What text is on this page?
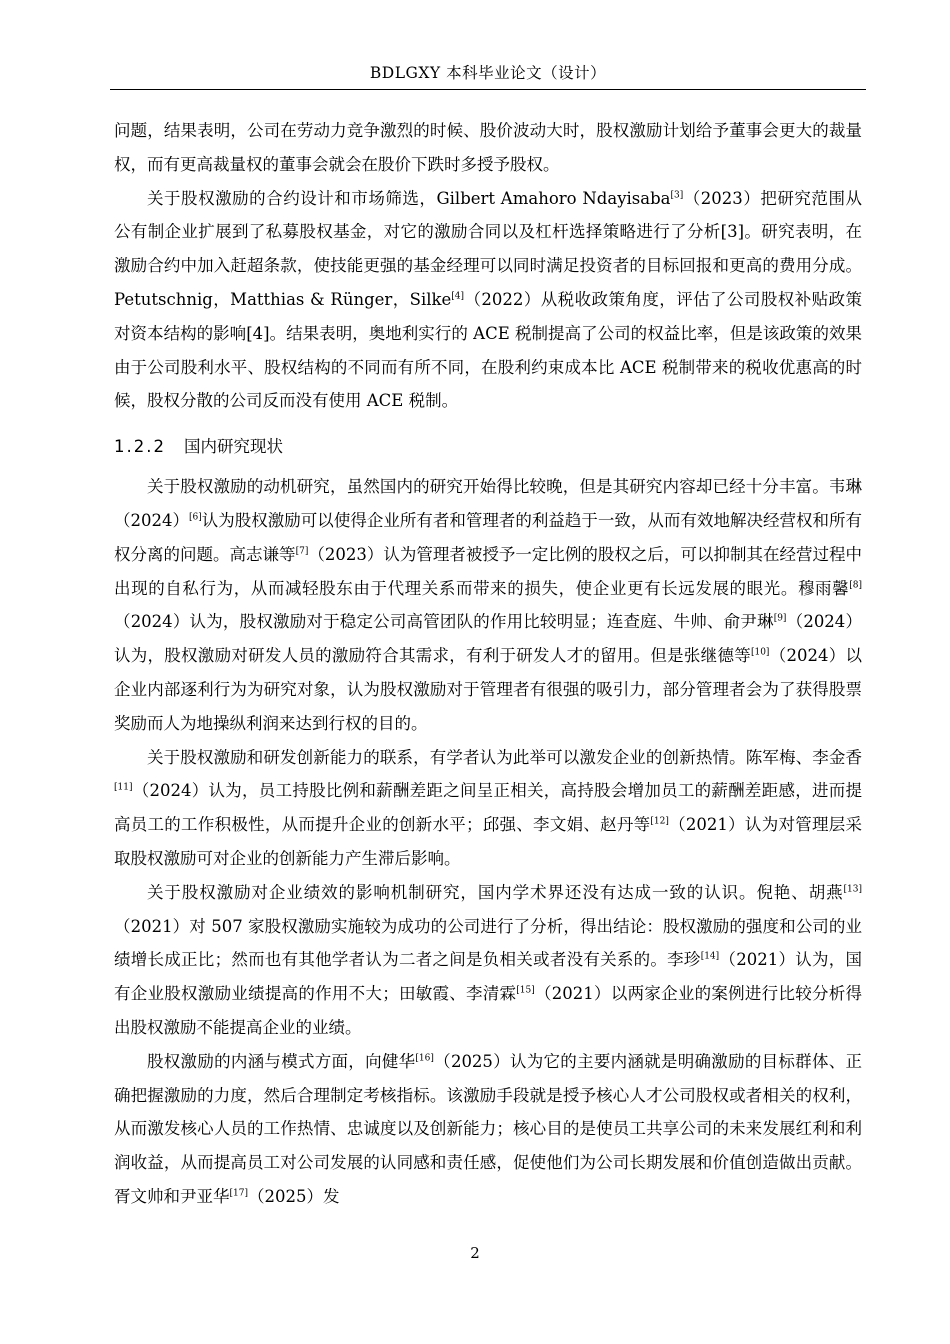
BDLGXY 本科毕业论文（设计）

问题，结果表明，公司在劳动力竞争激烈的时候、股价波动大时，股权激励计划给予董事会更大的裁量权，而有更高裁量权的董事会就会在股价下跌时多授予股权。

关于股权激励的合约设计和市场筛选，Gilbert Amahoro Ndayisaba[3]（2023）把研究范围从公有制企业扩展到了私募股权基金，对它的激励合同以及杠杆选择策略进行了分析[3]。研究表明，在激励合约中加入赶超条款，使技能更强的基金经理可以同时满足投资者的目标回报和更高的费用分成。Petutschnig，Matthias & Rünger，Silke[4]（2022）从税收政策角度，评估了公司股权补贴政策对资本结构的影响[4]。结果表明，奥地利实行的 ACE 税制提高了公司的权益比率，但是该政策的效果由于公司股利水平、股权结构的不同而有所不同，在股利约束成本比 ACE 税制带来的税收优惠高的时候，股权分散的公司反而没有使用 ACE 税制。

1.2.2 国内研究现状

关于股权激励的动机研究，虽然国内的研究开始得比较晚，但是其研究内容却已经十分丰富。韦琳（2024）[6]认为股权激励可以使得企业所有者和管理者的利益趋于一致，从而有效地解决经营权和所有权分离的问题。高志谦等[7]（2023）认为管理者被授予一定比例的股权之后，可以抑制其在经营过程中出现的自私行为，从而减轻股东由于代理关系而带来的损失，使企业更有长远发展的眼光。穆雨馨[8]（2024）认为，股权激励对于稳定公司高管团队的作用比较明显；连查庭、牛帅、俞尹琳[9]（2024）认为，股权激励对研发人员的激励符合其需求，有利于研发人才的留用。但是张继德等[10]（2024）以企业内部逐利行为为研究对象，认为股权激励对于管理者有很强的吸引力，部分管理者会为了获得股票奖励而人为地操纵利润来达到行权的目的。

关于股权激励和研发创新能力的联系，有学者认为此举可以激发企业的创新热情。陈军梅、李金香[11]（2024）认为，员工持股比例和薪酬差距之间呈正相关，高持股会增加员工的薪酬差距感，进而提高员工的工作积极性，从而提升企业的创新水平；邱强、李文娟、赵丹等[12]（2021）认为对管理层采取股权激励可对企业的创新能力产生滞后影响。

关于股权激励对企业绩效的影响机制研究，国内学术界还没有达成一致的认识。倪艳、胡燕[13]（2021）对 507 家股权激励实施较为成功的公司进行了分析，得出结论：股权激励的强度和公司的业绩增长成正比；然而也有其他学者认为二者之间是负相关或者没有关系的。李珍[14]（2021）认为，国有企业股权激励业绩提高的作用不大；田敏霞、李清霖[15]（2021）以两家企业的案例进行比较分析得出股权激励不能提高企业的业绩。

股权激励的内涵与模式方面，向健华[16]（2025）认为它的主要内涵就是明确激励的目标群体、正确把握激励的力度，然后合理制定考核指标。该激励手段就是授予核心人才公司股权或者相关的权利，从而激发核心人员的工作热情、忠诚度以及创新能力；核心目的是使员工共享公司的未来发展红利和利润收益，从而提高员工对公司发展的认同感和责任感，促使他们为公司长期发展和价值创造做出贡献。胥文帅和尹亚华[17]（2025）发

2
